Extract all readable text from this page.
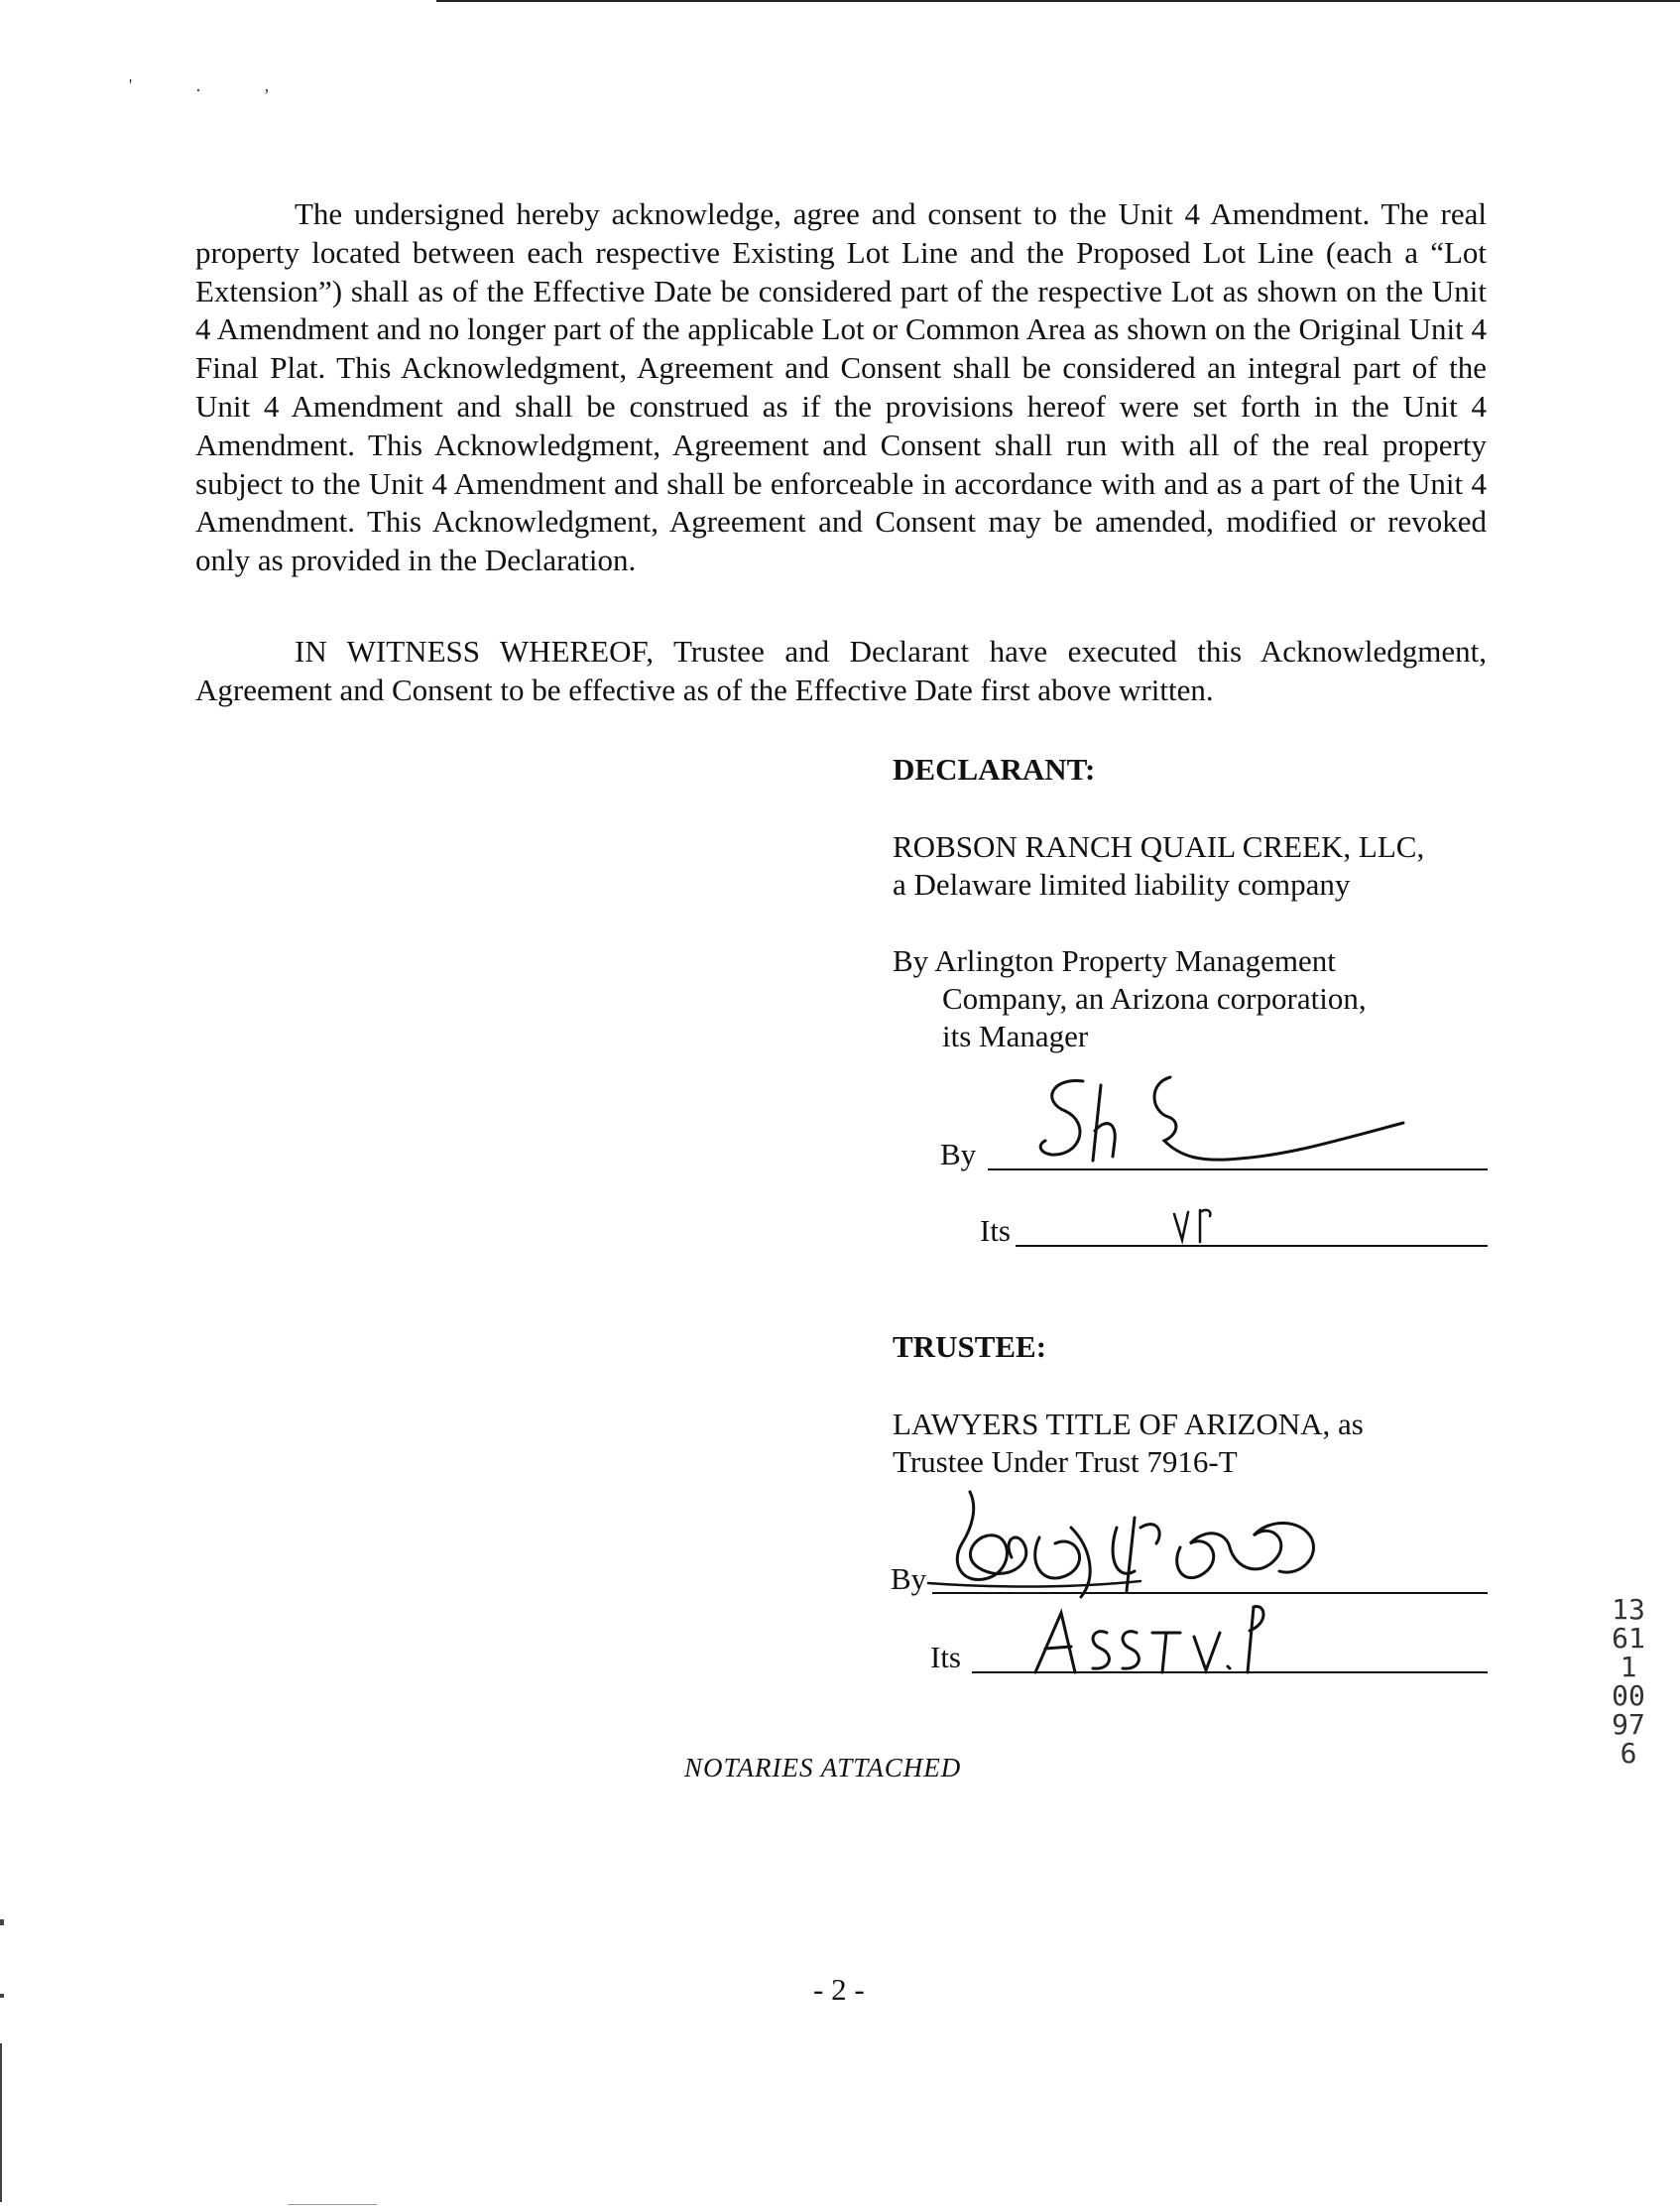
' . ,

The undersigned hereby acknowledge, agree and consent to the Unit 4 Amendment. The real property located between each respective Existing Lot Line and the Proposed Lot Line (each a “Lot Extension”) shall as of the Effective Date be considered part of the respective Lot as shown on the Unit 4 Amendment and no longer part of the applicable Lot or Common Area as shown on the Original Unit 4 Final Plat. This Acknowledgment, Agreement and Consent shall be considered an integral part of the Unit 4 Amendment and shall be construed as if the provisions hereof were set forth in the Unit 4 Amendment. This Acknowledgment, Agreement and Consent shall run with all of the real property subject to the Unit 4 Amendment and shall be enforceable in accordance with and as a part of the Unit 4 Amendment. This Acknowledgment, Agreement and Consent may be amended, modified or revoked only as provided in the Declaration.

IN WITNESS WHEREOF, Trustee and Declarant have executed this Acknowledgment, Agreement and Consent to be effective as of the Effective Date first above written.

DECLARANT:
ROBSON RANCH QUAIL CREEK, LLC,
a Delaware limited liability company
By Arlington Property Management
Company, an Arizona corporation,
its Manager
By
Its
TRUSTEE:
LAWYERS TITLE OF ARIZONA, as
Trustee Under Trust 7916-T
By
Its
NOTARIES ATTACHED
- 2 -
13611 00976
